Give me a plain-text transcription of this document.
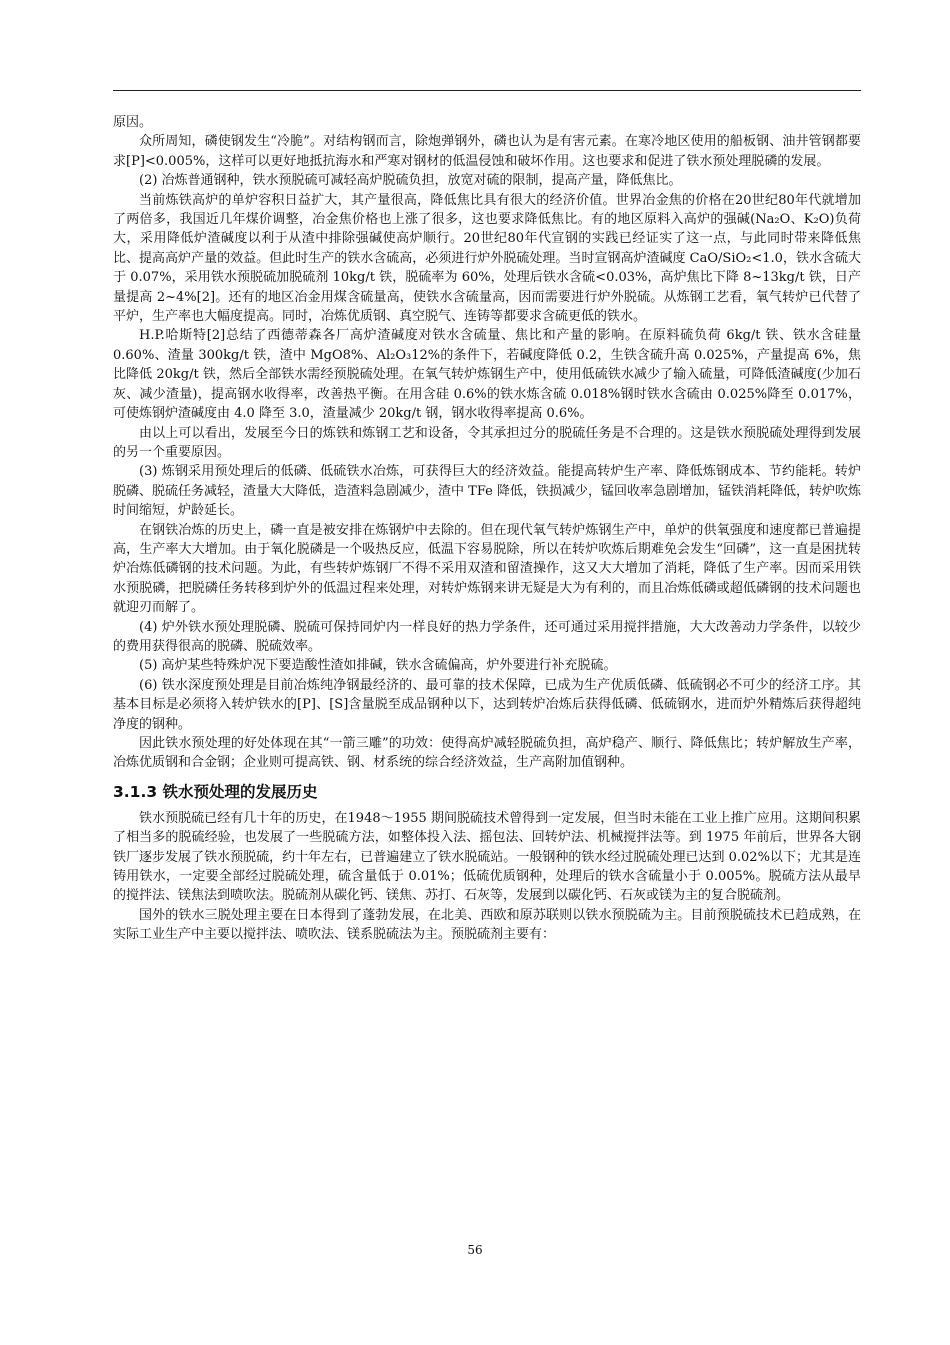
原因。

众所周知，磷使钢发生“冷脆”。对结构钢而言，除炮弹钢外，磷也认为是有害元素。在寒冷地区使用的船板钢、油井管钢都要求[P]<0.005%，这样可以更好地抵抗海水和严寒对钢材的低温侵蚀和破坏作用。这也要求和促进了铁水预处理脱磷的发展。

(2) 冶炼普通钢种，铁水预脱硫可减轻高炉脱硫负担，放宽对硫的限制，提高产量，降低焦比。

当前炼铁高炉的单炉容积日益扩大，其产量很高，降低焦比具有很大的经济价值。世界冶金焦的价格在20世纪80年代就增加了两倍多，我国近几年煤价调整，冶金焦价格也上涨了很多，这也要求降低焦比。有的地区原料入高炉的强碱(Na₂O、K₂O)负荷大，采用降低炉渣碱度以利于从渣中排除强碱使高炉顺行。20世纪80年代宣钢的实践已经证实了这一点，与此同时带来降低焦比、提高高炉产量的效益。但此时生产的铁水含硫高，必须进行炉外脱硫处理。当时宣钢高炉渣碱度 CaO/SiO₂<1.0，铁水含硫大于 0.07%，采用铁水预脱硫加脱硫剂 10kg/t 铁，脱硫率为 60%，处理后铁水含硫<0.03%，高炉焦比下降 8~13kg/t 铁，日产量提高 2~4%[2]。还有的地区冶金用煤含硫量高，使铁水含硫量高，因而需要进行炉外脱硫。从炼钢工艺看，氧气转炉已代替了平炉，生产率也大幅度提高。同时，冶炼优质钢、真空脱气、连铸等都要求含硫更低的铁水。

H.P.哈斯特[2]总结了西德蒂森各厂高炉渣碱度对铁水含硫量、焦比和产量的影响。在原料硫负荷 6kg/t 铁、铁水含硅量 0.60%、渣量 300kg/t 铁，渣中 MgO8%、Al₂O₃12%的条件下，若碱度降低 0.2，生铁含硫升高 0.025%，产量提高 6%，焦比降低 20kg/t 铁，然后全部铁水需经预脱硫处理。在氧气转炉炼钢生产中，使用低硫铁水减少了输入硫量，可降低渣碱度(少加石灰、减少渣量)，提高钢水收得率，改善热平衡。在用含硅 0.6%的铁水炼含硫 0.018%钢时铁水含硫由 0.025%降至 0.017%，可使炼钢炉渣碱度由 4.0 降至 3.0，渣量减少 20kg/t 钢，钢水收得率提高 0.6%。

由以上可以看出，发展至今日的炼铁和炼钢工艺和设备，令其承担过分的脱硫任务是不合理的。这是铁水预脱硫处理得到发展的另一个重要原因。

(3) 炼钢采用预处理后的低磷、低硫铁水冶炼，可获得巨大的经济效益。能提高转炉生产率、降低炼钢成本、节约能耗。转炉脱磷、脱硫任务减轻，渣量大大降低，造渣料急剧减少，渣中 TFe 降低，铁损减少，锰回收率急剧增加，锰铁消耗降低，转炉吹炼时间缩短，炉龄延长。

在钢铁冶炼的历史上，磷一直是被安排在炼钢炉中去除的。但在现代氧气转炉炼钢生产中，单炉的供氧强度和速度都已普遍提高，生产率大大增加。由于氧化脱磷是一个吸热反应，低温下容易脱除，所以在转炉吹炼后期难免会发生“回磷”，这一直是困扰转炉冶炼低磷钢的技术问题。为此，有些转炉炼钢厂不得不采用双渣和留渣操作，这又大大增加了消耗，降低了生产率。因而采用铁水预脱磷，把脱磷任务转移到炉外的低温过程来处理，对转炉炼钢来讲无疑是大为有利的，而且冶炼低磷或超低磷钢的技术问题也就迎刃而解了。

(4) 炉外铁水预处理脱磷、脱硫可保持同炉内一样良好的热力学条件，还可通过采用搅拌措施，大大改善动力学条件，以较少的费用获得很高的脱磷、脱硫效率。

(5) 高炉某些特殊炉况下要造酸性渣如排碱，铁水含硫偏高，炉外要进行补充脱硫。

(6) 铁水深度预处理是目前冶炼纯净钢最经济的、最可靠的技术保障，已成为生产优质低磷、低硫钢必不可少的经济工序。其基本目标是必须将入转炉铁水的[P]、[S]含量脱至成品钢种以下，达到转炉冶炼后获得低磷、低硫钢水，进而炉外精炼后获得超纯净度的钢种。

因此铁水预处理的好处体现在其“一箭三雕”的功效：使得高炉减轻脱硫负担，高炉稳产、顺行、降低焦比；转炉解放生产率，冶炼优质钢和合金钢；企业则可提高铁、钢、材系统的综合经济效益，生产高附加值钢种。

3.1.3 铁水预处理的发展历史

铁水预脱硫已经有几十年的历史，在1948～1955 期间脱硫技术曾得到一定发展，但当时未能在工业上推广应用。这期间积累了相当多的脱硫经验，也发展了一些脱硫方法，如整体投入法、摇包法、回转炉法、机械搅拌法等。到 1975 年前后，世界各大钢铁厂逐步发展了铁水预脱硫，约十年左右，已普遍建立了铁水脱硫站。一般钢种的铁水经过脱硫处理已达到 0.02%以下；尤其是连铸用铁水，一定要全部经过脱硫处理，硫含量低于 0.01%；低硫优质钢种，处理后的铁水含硫量小于 0.005%。脱硫方法从最早的搅拌法、镁焦法到喷吹法。脱硫剂从碳化钙、镁焦、苏打、石灰等，发展到以碳化钙、石灰或镁为主的复合脱硫剂。

国外的铁水三脱处理主要在日本得到了蓬勃发展，在北美、西欧和原苏联则以铁水预脱硫为主。目前预脱硫技术已趋成熟，在实际工业生产中主要以搅拌法、喷吹法、镁系脱硫法为主。预脱硫剂主要有：

56
